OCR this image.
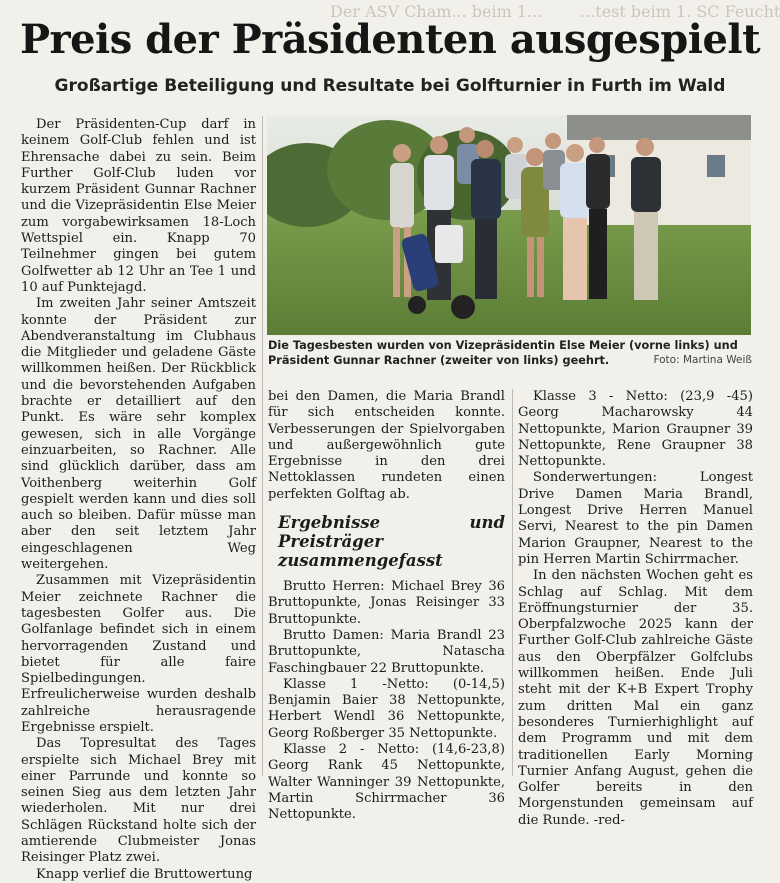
Der ASV Cham... beim 1... ...test beim 1. SC Feucht
Preis der Präsidenten ausgespielt
Großartige Beteiligung und Resultate bei Golfturnier in Furth im Wald

Der Präsidenten-Cup darf in keinem Golf-Club fehlen und ist Ehrensache dabei zu sein. Beim Further Golf-Club luden vor kurzem Präsident Gunnar Rachner und die Vizepräsidentin Else Meier zum vorgabewirksamen 18-Loch Wettspiel ein. Knapp 70 Teilnehmer gingen bei gutem Golfwetter ab 12 Uhr an Tee 1 und 10 auf Punktejagd.

Im zweiten Jahr seiner Amtszeit konnte der Präsident zur Abendveranstaltung im Clubhaus die Mitglieder und geladene Gäste willkommen heißen. Der Rückblick und die bevorstehenden Aufgaben brachte er detailliert auf den Punkt. Es wäre sehr komplex gewesen, sich in alle Vorgänge einzuarbeiten, so Rachner. Alle sind glücklich darüber, dass am Voithenberg weiterhin Golf gespielt werden kann und dies soll auch so bleiben. Dafür müsse man aber den seit letztem Jahr eingeschlagenen Weg weitergehen.

Zusammen mit Vizepräsidentin Meier zeichnete Rachner die tagesbesten Golfer aus. Die Golfanlage befindet sich in einem hervorragenden Zustand und bietet für alle faire Spielbedingungen. Erfreulicherweise wurden deshalb zahlreiche herausragende Ergebnisse erspielt.

Das Topresultat des Tages erspielte sich Michael Brey mit einer Parrunde und konnte so seinen Sieg aus dem letzten Jahr wiederholen. Mit nur drei Schlägen Rückstand holte sich der amtierende Clubmeister Jonas Reisinger Platz zwei.

Knapp verlief die Bruttowertung

Die Tagesbesten wurden von Vizepräsidentin Else Meier (vorne links) und Präsident Gunnar Rachner (zweiter von links) geehrt.	Foto: Martina Weiß

bei den Damen, die Maria Brandl für sich entscheiden konnte. Verbesserungen der Spielvorgaben und außergewöhnlich gute Ergebnisse in den drei Nettoklassen rundeten einen perfekten Golftag ab.

Ergebnisse und Preisträger zusammengefasst

Brutto Herren: Michael Brey 36 Bruttopunkte, Jonas Reisinger 33 Bruttopunkte.

Brutto Damen: Maria Brandl 23 Bruttopunkte, Natascha Faschingbauer 22 Bruttopunkte.

Klasse 1 -Netto: (0-14,5) Benjamin Baier 38 Nettopunkte, Herbert Wendl 36 Nettopunkte, Georg Roßberger 35 Nettopunkte.

Klasse 2 - Netto: (14,6-23,8) Georg Rank 45 Nettopunkte, Walter Wanninger 39 Nettopunkte, Martin Schirrmacher 36 Nettopunkte.

Klasse 3 - Netto: (23,9 -45) Georg Macharowsky 44 Nettopunkte, Marion Graupner 39 Nettopunkte, Rene Graupner 38 Nettopunkte.

Sonderwertungen: Longest Drive Damen Maria Brandl, Longest Drive Herren Manuel Servi, Nearest to the pin Damen Marion Graupner, Nearest to the pin Herren Martin Schirrmacher.

In den nächsten Wochen geht es Schlag auf Schlag. Mit dem Eröffnungsturnier der 35. Oberpfalzwoche 2025 kann der Further Golf-Club zahlreiche Gäste aus den Oberpfälzer Golfclubs willkommen heißen. Ende Juli steht mit der K+B Expert Trophy zum dritten Mal ein ganz besonderes Turnierhighlight auf dem Programm und mit dem traditionellen Early Morning Turnier Anfang August, gehen die Golfer bereits in den Morgenstunden gemeinsam auf die Runde. -red-
